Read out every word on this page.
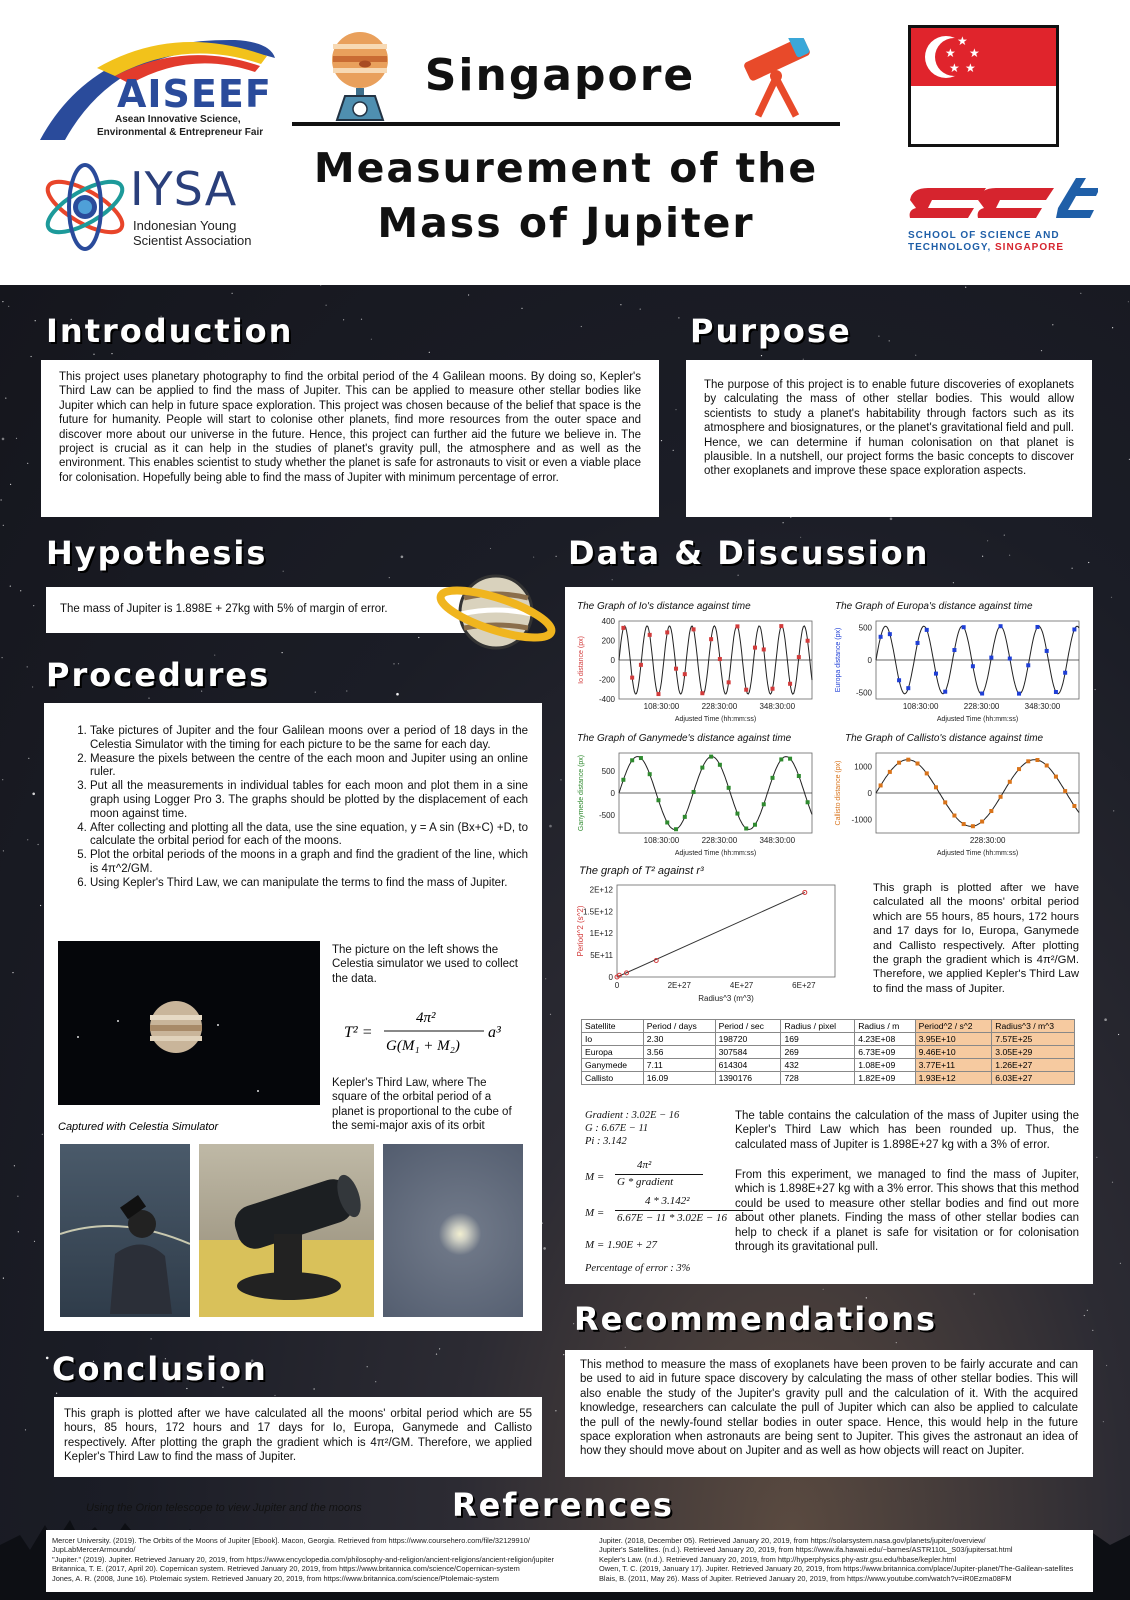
AISEEF
Asean Innovative Science,
Environmental & Entrepreneur Fair
IYSA
Indonesian Young
Scientist Association
Singapore
Measurement of the
Mass of Jupiter
★
★ ★
★ ★
SCHOOL OF SCIENCE AND
TECHNOLOGY, SINGAPORE
Introduction

This project uses planetary photography to find the orbital period of the 4 Galilean moons. By doing so, Kepler's Third Law can be applied to find the mass of Jupiter. This can be applied to measure other stellar bodies like Jupiter which can help in future space exploration. This project was chosen because of the belief that space is the future for humanity. People will start to colonise other planets, find more resources from the outer space and discover more about our universe in the future. Hence, this project can further aid the future we believe in. The project is crucial as it can help in the studies of planet's gravity pull, the atmosphere and as well as the environment. This enables scientist to study whether the planet is safe for astronauts to visit or even a viable place for colonisation. Hopefully being able to find the mass of Jupiter with minimum percentage of error.

Purpose

The purpose of this project is to enable future discoveries of exoplanets by calculating the mass of other stellar bodies. This would allow scientists to study a planet's habitability through factors such as its atmosphere and biosignatures, or the planet's gravitational field and pull. Hence, we can determine if human colonisation on that planet is plausible. In a nutshell, our project forms the basic concepts to discover other exoplanets and improve these space exploration aspects.

Hypothesis

The mass of Jupiter is 1.898E + 27kg with 5% of margin of error.

Procedures
1. Take pictures of Jupiter and the four Galilean moons over a period of 18 days in the Celestia Simulator with the timing for each picture to be the same for each day.
2. Measure the pixels between the centre of the each moon and Jupiter using an online ruler.
3. Put all the measurements in individual tables for each moon and plot them in a sine graph using Logger Pro 3. The graphs should be plotted by the displacement of each moon against time.
4. After collecting and plotting all the data, use the sine equation, y = A sin (Bx+C) +D, to calculate the orbital period for each of the moons.
5. Plot the orbital periods of the moons in a graph and find the gradient of the line, which is 4π^2/GM.
6. Using Kepler's Third Law, we can manipulate the terms to find the mass of Jupiter.

The picture on the left shows the Celestia simulator we used to collect the data.

T² =
4π²
G(M₁ + M₂)
a³

Kepler's Third Law, where The square of the orbital period of a planet is proportional to the cube of the semi-major axis of its orbit

Captured with Celestia Simulator
Data & Discussion
The Graph of Io's distance against time
400
200
0
-200
-400
108:30:00	228:30:00	348:30:00
Adjusted Time (hh:mm:ss)
Io distance (px)
The Graph of Europa's distance against time
500
0
-500
108:30:00	228:30:00	348:30:00
Adjusted Time (hh:mm:ss)
Europa distance (px)
The Graph of Ganymede's distance against time
500
0
-500
108:30:00	228:30:00	348:30:00
Adjusted Time (hh:mm:ss)
Ganymede distance (px)
The Graph of Callisto's distance against time
1000
0
-1000
228:30:00
Adjusted Time (hh:mm:ss)
Callisto distance (px)
The graph of T² against r³
2E+12
1.5E+12
1E+12
5E+11
0
0	2E+27	4E+27	6E+27
Radius^3 (m^3)
Period^2 (s^2)

This graph is plotted after we have calculated all the moons' orbital period which are 55 hours, 85 hours, 172 hours and 17 days for Io, Europa, Ganymede and Callisto respectively. After plotting the graph the gradient which is 4π²/GM. Therefore, we applied Kepler's Third Law to find the mass of Jupiter.

Satellite	Period / days	Period / sec	Radius / pixel	Radius / m	Period^2 / s^2	Radius^3 / m^3
Io	2.30	198720	169	4.23E+08	3.95E+10	7.57E+25
Europa	3.56	307584	269	6.73E+09	9.46E+10	3.05E+29
Ganymede	7.11	614304	432	1.08E+09	3.77E+11	1.26E+27
Callisto	16.09	1390176	728	1.82E+09	1.93E+12	6.03E+27
Gradient : 3.02E − 16
G : 6.67E − 11
Pi : 3.142
M =
4π²
G * gradient
M =
4 * 3.142²
6.67E − 11 * 3.02E − 16
M = 1.90E + 27
Percentage of error : 3%

The table contains the calculation of the mass of Jupiter using the Kepler's Third Law which has been rounded up. Thus, the calculated mass of Jupiter is 1.898E+27 kg with a 3% of error.

From this experiment, we managed to find the mass of Jupiter, which is 1.898E+27 kg with a 3% error. This shows that this method could be used to measure other stellar bodies and find out more about other planets. Finding the mass of other stellar bodies can help to check if a planet is safe for visitation or for colonisation through its gravitational pull.

Recommendations

This method to measure the mass of exoplanets have been proven to be fairly accurate and can be used to aid in future space discovery by calculating the mass of other stellar bodies. This will also enable the study of the Jupiter's gravity pull and the calculation of it. With the acquired knowledge, researchers can calculate the pull of Jupiter which can also be applied to calculate the pull of the newly-found stellar bodies in outer space. Hence, this would help in the future space exploration when astronauts are being sent to Jupiter. This gives the astronaut an idea of how they should move about on Jupiter and as well as how objects will react on Jupiter.

Conclusion

This graph is plotted after we have calculated all the moons' orbital period which are 55 hours, 85 hours, 172 hours and 17 days for Io, Europa, Ganymede and Callisto respectively. After plotting the graph the gradient which is 4π²/GM. Therefore, we applied Kepler's Third Law to find the mass of Jupiter.

Using the Orion telescope to view Jupiter and the moons	References
Mercer University. (2019). The Orbits of the Moons of Jupiter [Ebook]. Macon, Georgia. Retrieved from https://www.coursehero.com/file/32129910/
JupLabMercerArmoundo/
"Jupiter." (2019). Jupiter. Retrieved January 20, 2019, from https://www.encyclopedia.com/philosophy-and-religion/ancient-religions/ancient-religion/jupiter
Britannica, T. E. (2017, April 20). Copernican system. Retrieved January 20, 2019, from https://www.britannica.com/science/Copernican-system
Jones, A. R. (2008, June 16). Ptolemaic system. Retrieved January 20, 2019, from https://www.britannica.com/science/Ptolemaic-system
Jupiter. (2018, December 05). Retrieved January 20, 2019, from https://solarsystem.nasa.gov/planets/jupiter/overview/
Jupiter's Satellites. (n.d.). Retrieved January 20, 2019, from https://www.ifa.hawaii.edu/~barnes/ASTR110L_S03/jupitersat.html
Kepler's Law. (n.d.). Retrieved January 20, 2019, from http://hyperphysics.phy-astr.gsu.edu/hbase/kepler.html
Owen, T. C. (2019, January 17). Jupiter. Retrieved January 20, 2019, from https://www.britannica.com/place/Jupiter-planet/The-Galilean-satellites
Blais, B. (2011, May 26). Mass of Jupiter. Retrieved January 20, 2019, from https://www.youtube.com/watch?v=iR0Ezma08FM
